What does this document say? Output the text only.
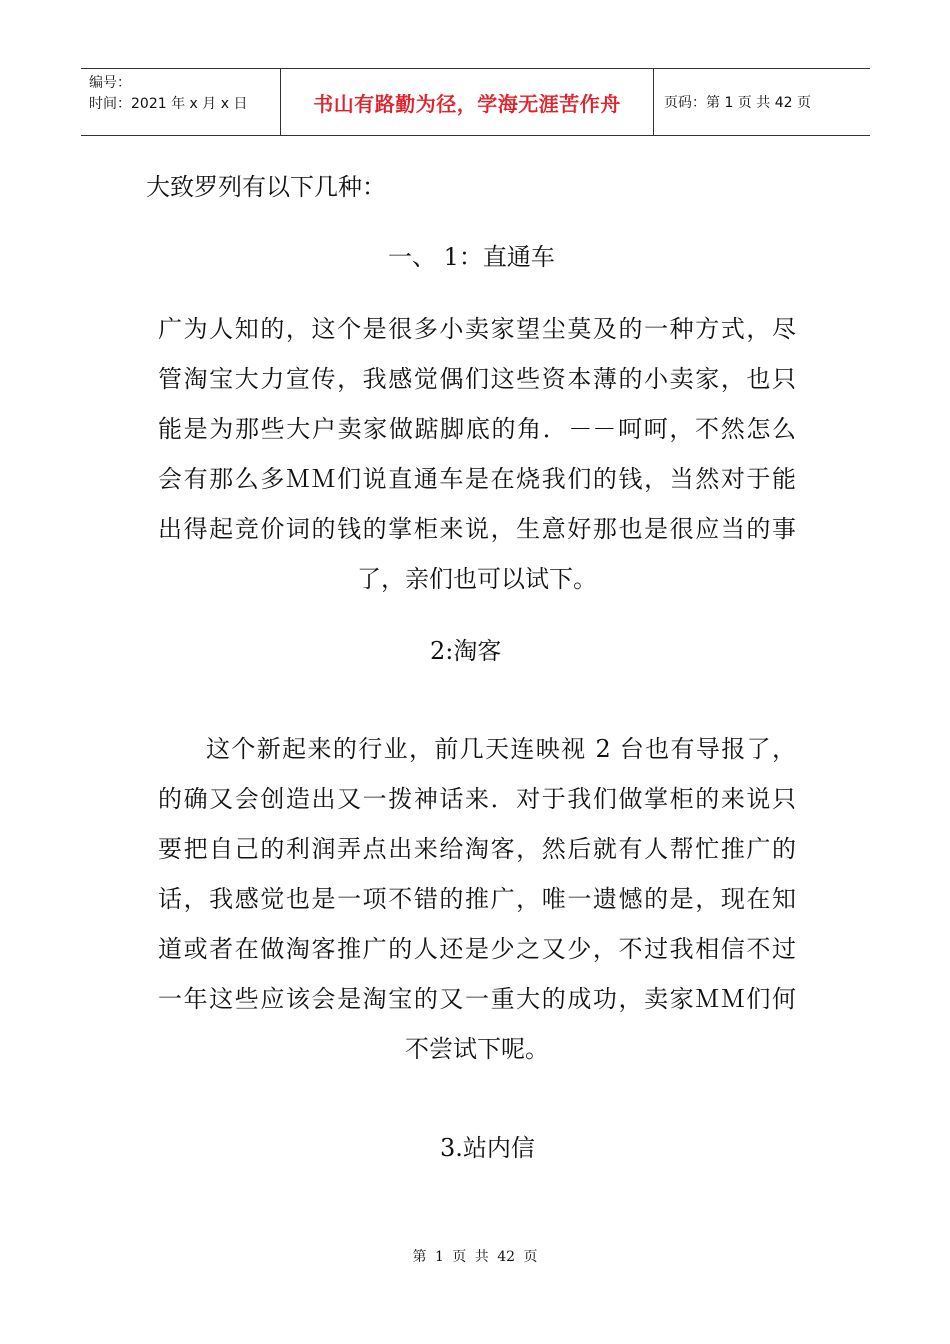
编号：
时间：2021 年 x 月 x 日	书山有路勤为径，学海无涯苦作舟	页码：第 1 页 共 42 页
大致罗列有以下几种：
一、 1：直通车
广为人知的，这个是很多小卖家望尘莫及的一种方式，尽
管淘宝大力宣传，我感觉偶们这些资本薄的小卖家，也只
能是为那些大户卖家做踮脚底的角．－－呵呵，不然怎么
会有那么多ＭＭ们说直通车是在烧我们的钱，当然对于能
出得起竞价词的钱的掌柜来说，生意好那也是很应当的事
了，亲们也可以试下。
2:淘客
这个新起来的行业，前几天连映视 2 台也有导报了，
的确又会创造出又一拨神话来．对于我们做掌柜的来说只
要把自己的利润弄点出来给淘客，然后就有人帮忙推广的
话，我感觉也是一项不错的推广，唯一遗憾的是，现在知
道或者在做淘客推广的人还是少之又少，不过我相信不过
一年这些应该会是淘宝的又一重大的成功，卖家ＭＭ们何
不尝试下呢。
3.站内信
第 1 页 共 42 页
